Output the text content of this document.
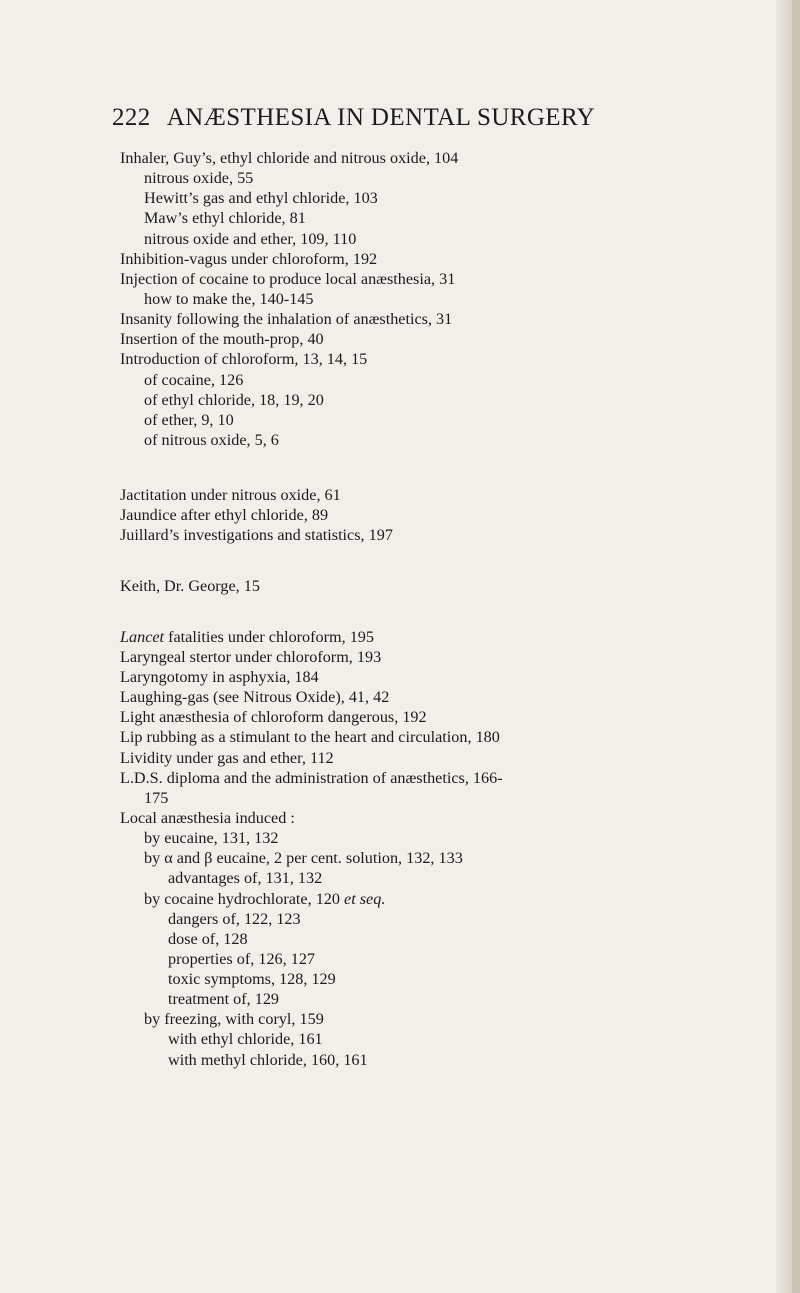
222 ANÆSTHESIA IN DENTAL SURGERY
Inhaler, Guy’s, ethyl chloride and nitrous oxide, 104
nitrous oxide, 55
Hewitt’s gas and ethyl chloride, 103
Maw’s ethyl chloride, 81
nitrous oxide and ether, 109, 110
Inhibition-vagus under chloroform, 192
Injection of cocaine to produce local anæsthesia, 31
how to make the, 140-145
Insanity following the inhalation of anæsthetics, 31
Insertion of the mouth-prop, 40
Introduction of chloroform, 13, 14, 15
of cocaine, 126
of ethyl chloride, 18, 19, 20
of ether, 9, 10
of nitrous oxide, 5, 6
Jactitation under nitrous oxide, 61
Jaundice after ethyl chloride, 89
Juillard’s investigations and statistics, 197
Keith, Dr. George, 15
Lancet fatalities under chloroform, 195
Laryngeal stertor under chloroform, 193
Laryngotomy in asphyxia, 184
Laughing-gas (see Nitrous Oxide), 41, 42
Light anæsthesia of chloroform dangerous, 192
Lip rubbing as a stimulant to the heart and circulation, 180
Lividity under gas and ether, 112
L.D.S. diploma and the administration of anæsthetics, 166-
175
Local anæsthesia induced :
by eucaine, 131, 132
by α and β eucaine, 2 per cent. solution, 132, 133
advantages of, 131, 132
by cocaine hydrochlorate, 120 et seq.
dangers of, 122, 123
dose of, 128
properties of, 126, 127
toxic symptoms, 128, 129
treatment of, 129
by freezing, with coryl, 159
with ethyl chloride, 161
with methyl chloride, 160, 161
